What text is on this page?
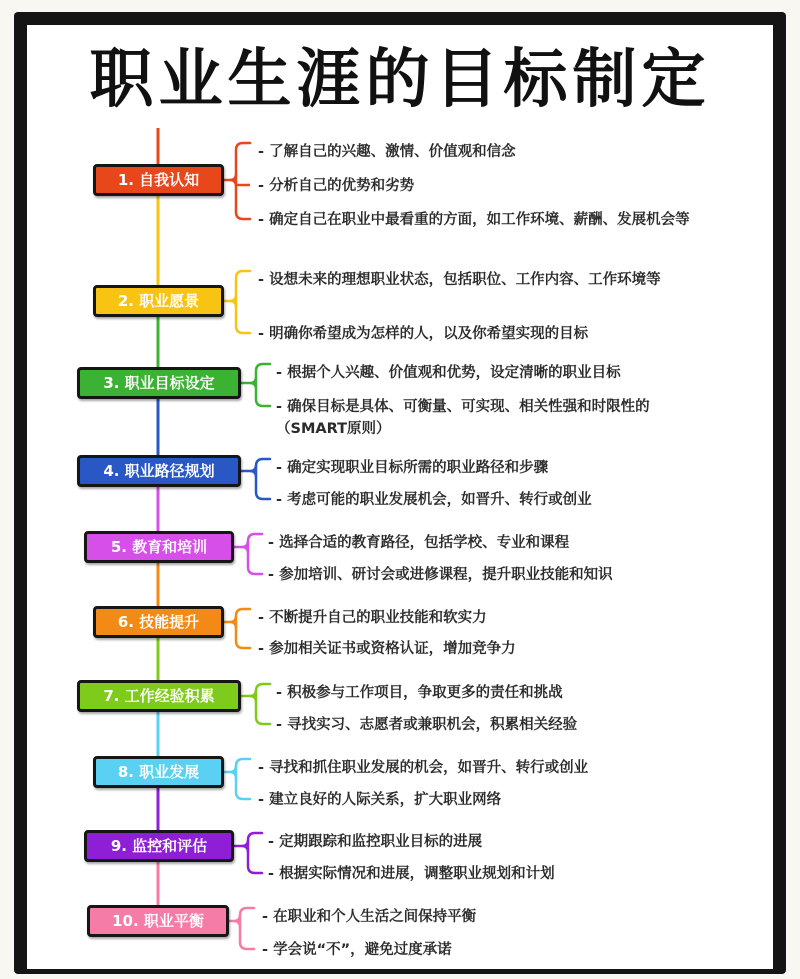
职业生涯的目标制定
1. 自我认知
- 了解自己的兴趣、激情、价值观和信念
- 分析自己的优势和劣势
- 确定自己在职业中最看重的方面，如工作环境、薪酬、发展机会等
2. 职业愿景
- 设想未来的理想职业状态，包括职位、工作内容、工作环境等
- 明确你希望成为怎样的人，以及你希望实现的目标
3. 职业目标设定
- 根据个人兴趣、价值观和优势，设定清晰的职业目标
- 确保目标是具体、可衡量、可实现、相关性强和时限性的（SMART原则）
4. 职业路径规划	- 确定实现职业目标所需的职业路径和步骤
- 考虑可能的职业发展机会，如晋升、转行或创业
5. 教育和培训	- 选择合适的教育路径，包括学校、专业和课程
- 参加培训、研讨会或进修课程，提升职业技能和知识
6. 技能提升	- 不断提升自己的职业技能和软实力
- 参加相关证书或资格认证，增加竞争力
7. 工作经验积累	- 积极参与工作项目，争取更多的责任和挑战
- 寻找实习、志愿者或兼职机会，积累相关经验
8. 职业发展	- 寻找和抓住职业发展的机会，如晋升、转行或创业
- 建立良好的人际关系，扩大职业网络
9. 监控和评估	- 定期跟踪和监控职业目标的进展
- 根据实际情况和进展，调整职业规划和计划
10. 职业平衡	- 在职业和个人生活之间保持平衡
- 学会说“不”，避免过度承诺
